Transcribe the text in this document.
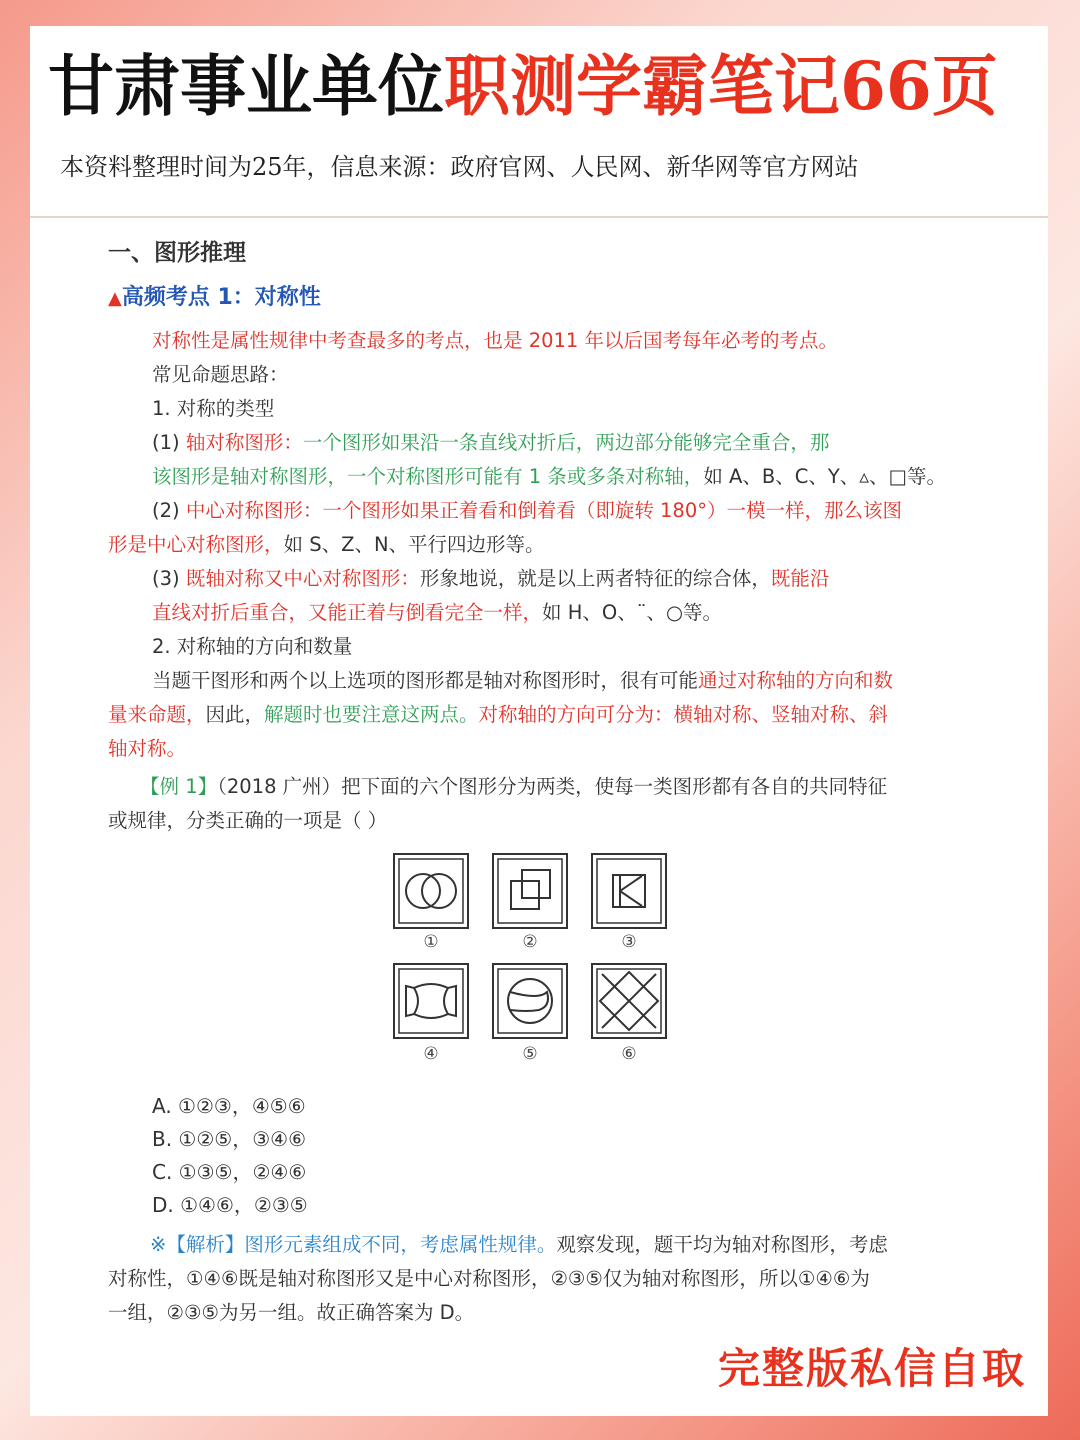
甘肃事业单位职测学霸笔记66页
本资料整理时间为25年，信息来源：政府官网、人民网、新华网等官方网站
一、图形推理
▲高频考点 1：对称性
对称性是属性规律中考查最多的考点，也是 2011 年以后国考每年必考的考点。
常见命题思路：
1. 对称的类型
(1) 轴对称图形：一个图形如果沿一条直线对折后，两边部分能够完全重合，那
该图形是轴对称图形，一个对称图形可能有 1 条或多条对称轴，如 A、B、C、Y、▵、□等。
(2) 中心对称图形：一个图形如果正着看和倒着看（即旋转 180°）一模一样，那么该图
形是中心对称图形，如 S、Z、N、平行四边形等。
(3) 既轴对称又中心对称图形：形象地说，就是以上两者特征的综合体，既能沿
直线对折后重合，又能正着与倒看完全一样，如 H、O、¨、○等。
2. 对称轴的方向和数量
当题干图形和两个以上选项的图形都是轴对称图形时，很有可能通过对称轴的方向和数
量来命题，因此，解题时也要注意这两点。对称轴的方向可分为：横轴对称、竖轴对称、斜
轴对称。
【例 1】（2018 广州）把下面的六个图形分为两类，使每一类图形都有各自的共同特征
或规律，分类正确的一项是（ ）
①	②	③
④	⑤	⑥
A. ①②③，④⑤⑥
B. ①②⑤，③④⑥
C. ①③⑤，②④⑥
D. ①④⑥，②③⑤
※【解析】图形元素组成不同，考虑属性规律。观察发现，题干均为轴对称图形，考虑
对称性，①④⑥既是轴对称图形又是中心对称图形，②③⑤仅为轴对称图形，所以①④⑥为
一组，②③⑤为另一组。故正确答案为 D。
完整版私信自取
